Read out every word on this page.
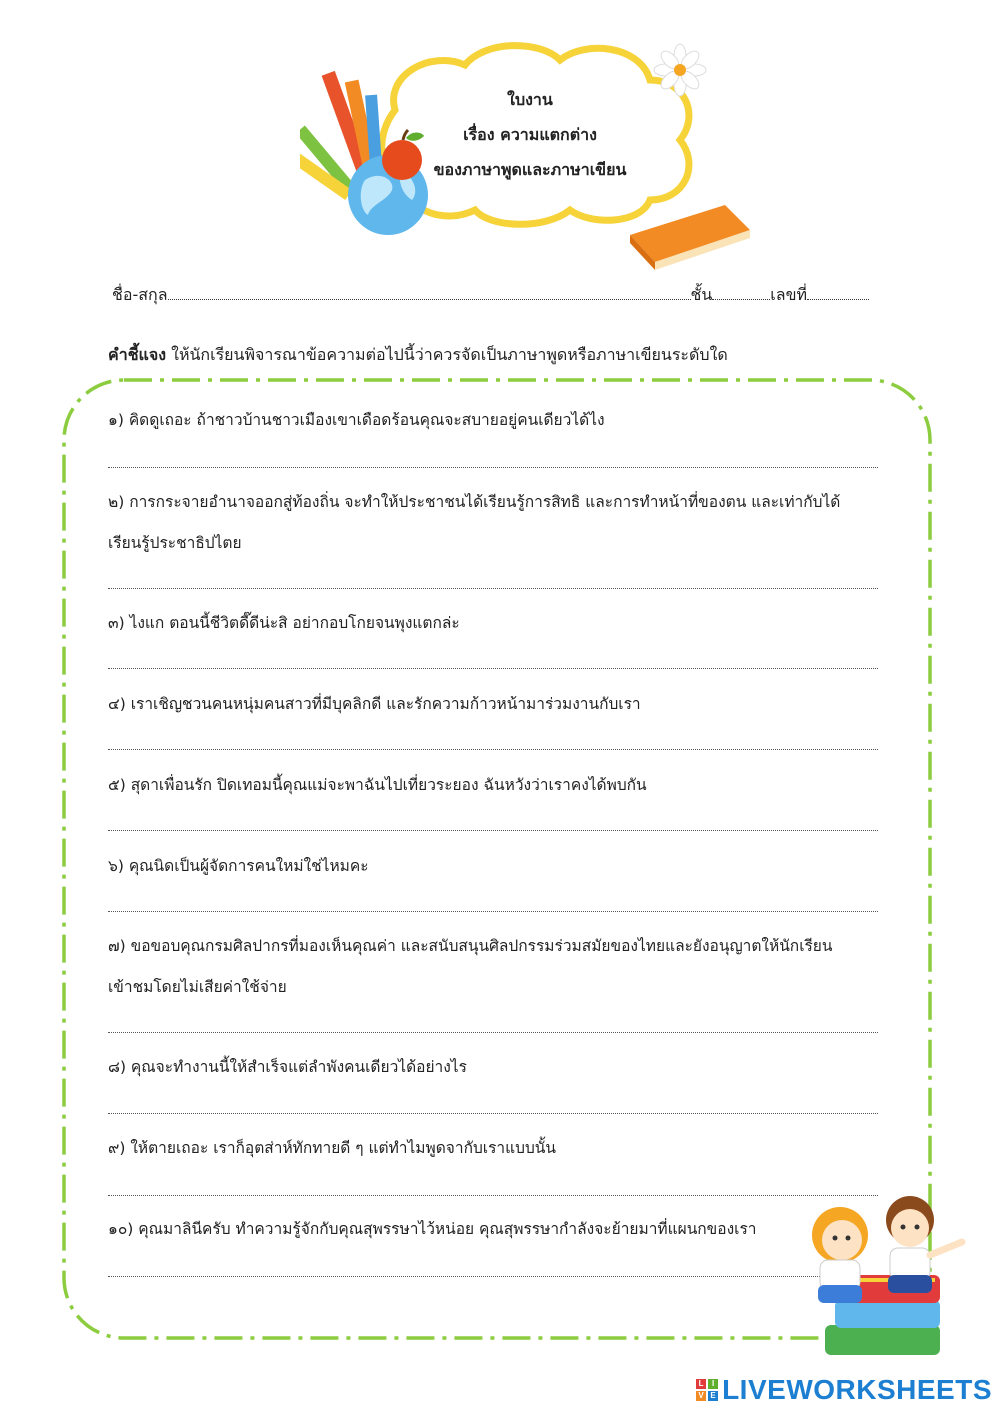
ใบงาน
เรื่อง ความแตกต่าง
ของภาษาพูดและภาษาเขียน
ชื่อ-สกุล	ชั้น	เลขที่
คำชี้แจง ให้นักเรียนพิจารณาข้อความต่อไปนี้ว่าควรจัดเป็นภาษาพูดหรือภาษาเขียนระดับใด
๑) คิดดูเถอะ ถ้าชาวบ้านชาวเมืองเขาเดือดร้อนคุณจะสบายอยู่คนเดียวได้ไง
๒) การกระจายอำนาจออกสู่ท้องถิ่น จะทำให้ประชาชนได้เรียนรู้การสิทธิ และการทำหน้าที่ของตน และเท่ากับได้
เรียนรู้ประชาธิปไตย
๓) ไงแก ตอนนี้ชีวิตดี๊ดีน่ะสิ อย่ากอบโกยจนพุงแตกล่ะ
๔) เราเชิญชวนคนหนุ่มคนสาวที่มีบุคลิกดี และรักความก้าวหน้ามาร่วมงานกับเรา
๕) สุดาเพื่อนรัก ปิดเทอมนี้คุณแม่จะพาฉันไปเที่ยวระยอง ฉันหวังว่าเราคงได้พบกัน
๖) คุณนิดเป็นผู้จัดการคนใหม่ใช่ไหมคะ
๗) ขอขอบคุณกรมศิลปากรที่มองเห็นคุณค่า และสนับสนุนศิลปกรรมร่วมสมัยของไทยและยังอนุญาตให้นักเรียน
เข้าชมโดยไม่เสียค่าใช้จ่าย
๘) คุณจะทำงานนี้ให้สำเร็จแต่ลำพังคนเดียวได้อย่างไร
๙) ให้ตายเถอะ เราก็อุตส่าห์ทักทายดี ๆ แต่ทำไมพูดจากับเราแบบนั้น
๑๐) คุณมาลินีครับ ทำความรู้จักกับคุณสุพรรษาไว้หน่อย คุณสุพรรษากำลังจะย้ายมาที่แผนกของเรา
L	I
V E LIVEWORKSHEETS
